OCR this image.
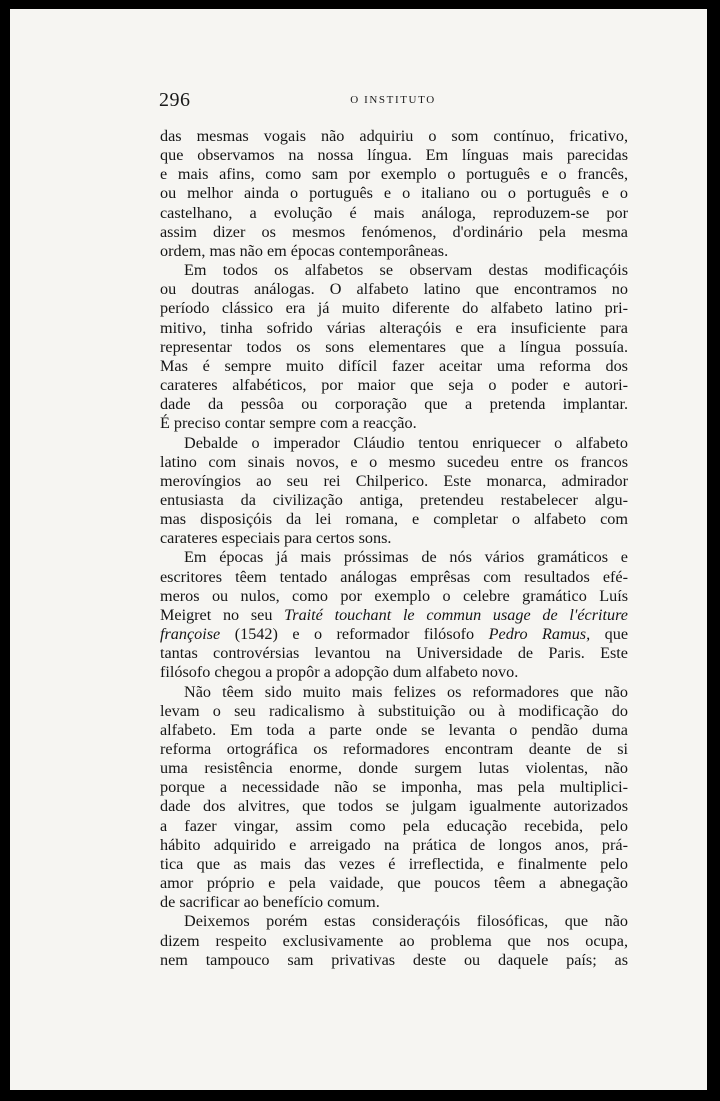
296	O INSTITUTO

das mesmas vogais não adquiriu o som contínuo, fricativo,

que observamos na nossa língua. Em línguas mais parecidas

e mais afins, como sam por exemplo o português e o francês,

ou melhor ainda o português e o italiano ou o português e o

castelhano, a evolução é mais análoga, reproduzem-se por

assim dizer os mesmos fenómenos, d'ordinário pela mesma

ordem, mas não em épocas contemporâneas.

Em todos os alfabetos se observam destas modificaçóis

ou doutras análogas. O alfabeto latino que encontramos no

período clássico era já muito diferente do alfabeto latino pri-

mitivo, tinha sofrido várias alteraçóis e era insuficiente para

representar todos os sons elementares que a língua possuía.

Mas é sempre muito difícil fazer aceitar uma reforma dos

carateres alfabéticos, por maior que seja o poder e autori-

dade da pessôa ou corporação que a pretenda implantar.

É preciso contar sempre com a reacção.

Debalde o imperador Cláudio tentou enriquecer o alfabeto

latino com sinais novos, e o mesmo sucedeu entre os francos

merovíngios ao seu rei Chilperico. Este monarca, admirador

entusiasta da civilização antiga, pretendeu restabelecer algu-

mas disposiçóis da lei romana, e completar o alfabeto com

carateres especiais para certos sons.

Em épocas já mais próssimas de nós vários gramáticos e

escritores têem tentado análogas emprêsas com resultados efé-

meros ou nulos, como por exemplo o celebre gramático Luís

Meigret no seu Traité touchant le commun usage de l'écriture

françoise (1542) e o reformador filósofo Pedro Ramus, que

tantas controvérsias levantou na Universidade de Paris. Este

filósofo chegou a propôr a adopção dum alfabeto novo.

Não têem sido muito mais felizes os reformadores que não

levam o seu radicalismo à substituição ou à modificação do

alfabeto. Em toda a parte onde se levanta o pendão duma

reforma ortográfica os reformadores encontram deante de si

uma resistência enorme, donde surgem lutas violentas, não

porque a necessidade não se imponha, mas pela multiplici-

dade dos alvitres, que todos se julgam igualmente autorizados

a fazer vingar, assim como pela educação recebida, pelo

hábito adquirido e arreigado na prática de longos anos, prá-

tica que as mais das vezes é irreflectida, e finalmente pelo

amor próprio e pela vaidade, que poucos têem a abnegação

de sacrificar ao benefício comum.

Deixemos porém estas consideraçóis filosóficas, que não

dizem respeito exclusivamente ao problema que nos ocupa,

nem tampouco sam privativas deste ou daquele país; as
